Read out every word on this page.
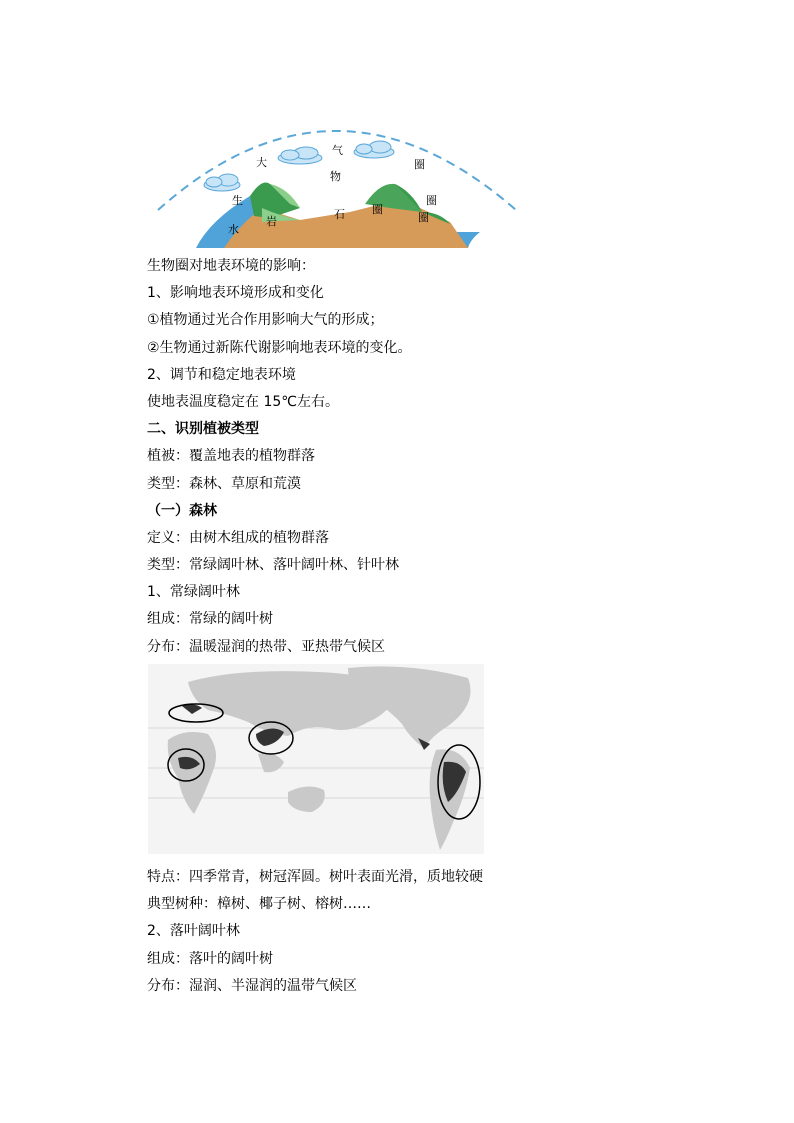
大
气
圈
生
物
圈
水
岩
石 圈
圈
生物圈对地表环境的影响：
1、影响地表环境形成和变化
①植物通过光合作用影响大气的形成；
②生物通过新陈代谢影响地表环境的变化。
2、调节和稳定地表环境
使地表温度稳定在 15℃左右。
二、识别植被类型
植被：覆盖地表的植物群落
类型：森林、草原和荒漠
（一）森林
定义：由树木组成的植物群落
类型：常绿阔叶林、落叶阔叶林、针叶林
1、常绿阔叶林
组成：常绿的阔叶树
分布：温暖湿润的热带、亚热带气候区
特点：四季常青，树冠浑圆。树叶表面光滑，质地较硬
典型树种：樟树、椰子树、榕树……
2、落叶阔叶林
组成：落叶的阔叶树
分布：湿润、半湿润的温带气候区
